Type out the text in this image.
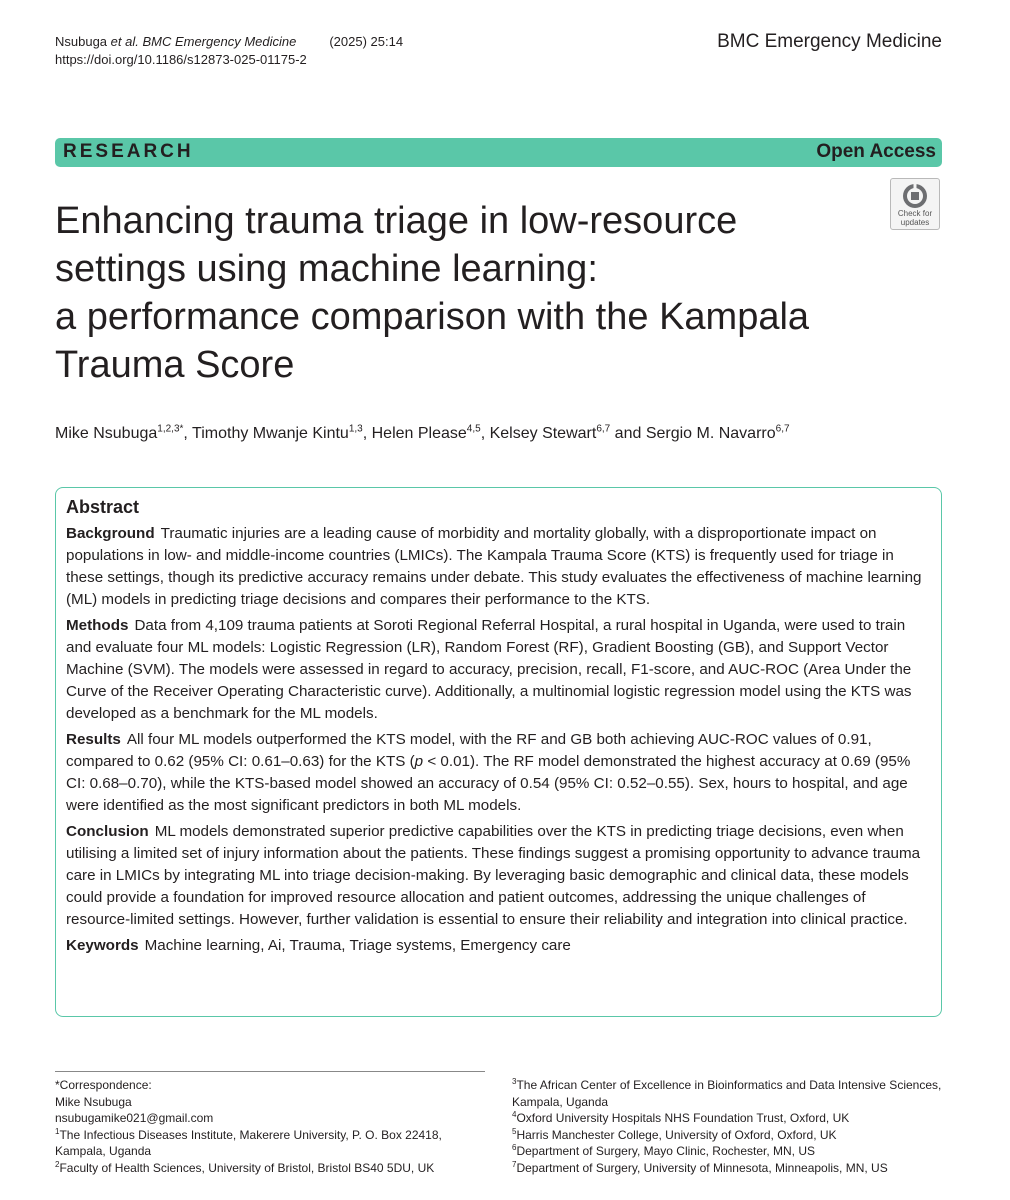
Nsubuga et al. BMC Emergency Medicine	(2025) 25:14
https://doi.org/10.1186/s12873-025-01175-2
BMC Emergency Medicine
RESEARCH	Open Access
Check for
updates
Enhancing trauma triage in low-resource
settings using machine learning:
a performance comparison with the Kampala
Trauma Score
Mike Nsubuga$^{1,2,3*}$, Timothy Mwanje Kintu$^{1,3}$, Helen Please$^{4,5}$, Kelsey Stewart$^{6,7}$ and Sergio M. Navarro$^{6,7}$
Abstract

Background Traumatic injuries are a leading cause of morbidity and mortality globally, with a disproportionate impact on populations in low- and middle-income countries (LMICs). The Kampala Trauma Score (KTS) is frequently used for triage in these settings, though its predictive accuracy remains under debate. This study evaluates the effectiveness of machine learning (ML) models in predicting triage decisions and compares their performance to the KTS.

Methods Data from 4,109 trauma patients at Soroti Regional Referral Hospital, a rural hospital in Uganda, were used to train and evaluate four ML models: Logistic Regression (LR), Random Forest (RF), Gradient Boosting (GB), and Support Vector Machine (SVM). The models were assessed in regard to accuracy, precision, recall, F1-score, and AUC-ROC (Area Under the Curve of the Receiver Operating Characteristic curve). Additionally, a multinomial logistic regression model using the KTS was developed as a benchmark for the ML models.

Results All four ML models outperformed the KTS model, with the RF and GB both achieving AUC-ROC values of 0.91, compared to 0.62 (95% CI: 0.61–0.63) for the KTS (p < 0.01). The RF model demonstrated the highest accuracy at 0.69 (95% CI: 0.68–0.70), while the KTS-based model showed an accuracy of 0.54 (95% CI: 0.52–0.55). Sex, hours to hospital, and age were identified as the most significant predictors in both ML models.

Conclusion ML models demonstrated superior predictive capabilities over the KTS in predicting triage decisions, even when utilising a limited set of injury information about the patients. These findings suggest a promising opportunity to advance trauma care in LMICs by integrating ML into triage decision-making. By leveraging basic demographic and clinical data, these models could provide a foundation for improved resource allocation and patient outcomes, addressing the unique challenges of resource-limited settings. However, further validation is essential to ensure their reliability and integration into clinical practice.

Keywords Machine learning, Ai, Trauma, Triage systems, Emergency care

*Correspondence:
Mike Nsubuga
nsubugamike021@gmail.com
$^1$The Infectious Diseases Institute, Makerere University, P. O. Box 22418, Kampala, Uganda
$^2$Faculty of Health Sciences, University of Bristol, Bristol BS40 5DU, UK
$^3$The African Center of Excellence in Bioinformatics and Data Intensive Sciences, Kampala, Uganda
$^4$Oxford University Hospitals NHS Foundation Trust, Oxford, UK
$^5$Harris Manchester College, University of Oxford, Oxford, UK
$^6$Department of Surgery, Mayo Clinic, Rochester, MN, US
$^7$Department of Surgery, University of Minnesota, Minneapolis, MN, US
